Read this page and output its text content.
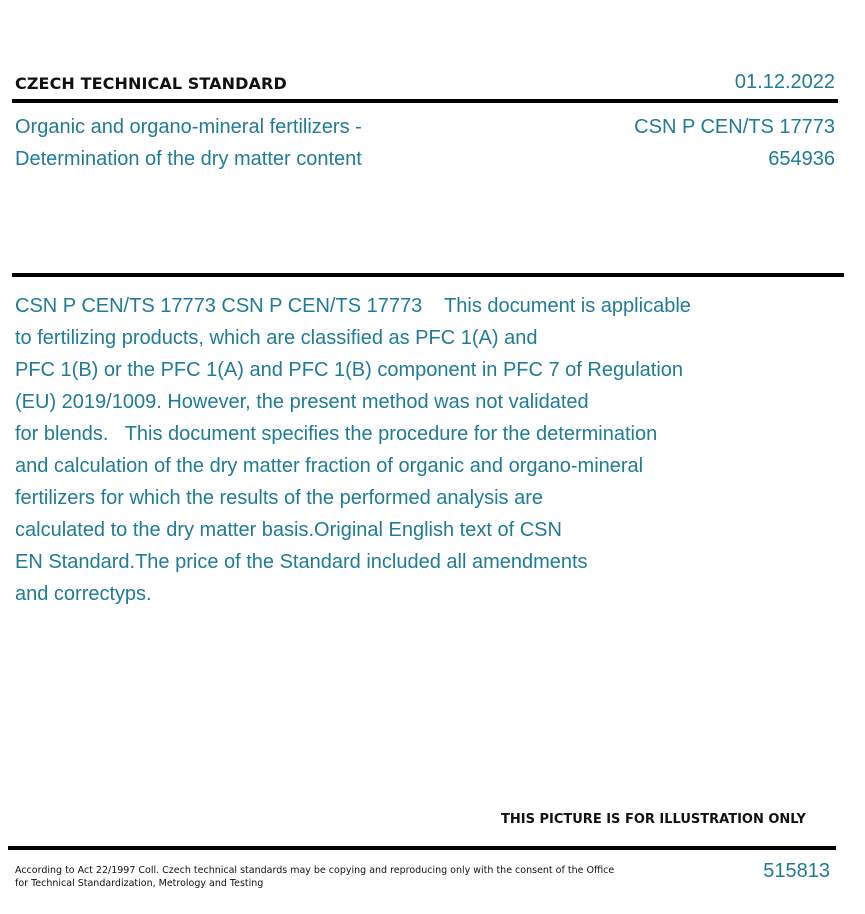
CZECH TECHNICAL STANDARD	01.12.2022
Organic and organo-mineral fertilizers -
Determination of the dry matter content
CSN P CEN/TS 17773
654936
CSN P CEN/TS 17773 CSN P CEN/TS 17773    This document is applicable
to fertilizing products, which are classified as PFC 1(A) and
PFC 1(B) or the PFC 1(A) and PFC 1(B) component in PFC 7 of Regulation
(EU) 2019/1009. However, the present method was not validated
for blends.   This document specifies the procedure for the determination
and calculation of the dry matter fraction of organic and organo-mineral
fertilizers for which the results of the performed analysis are
calculated to the dry matter basis.Original English text of CSN
EN Standard.The price of the Standard included all amendments
and correctурs.
THIS PICTURE IS FOR ILLUSTRATION ONLY
According to Act 22/1997 Coll. Czech technical standards may be copying and reproducing only with the consent of the Office
for Technical Standardization, Metrology and Testing
515813
